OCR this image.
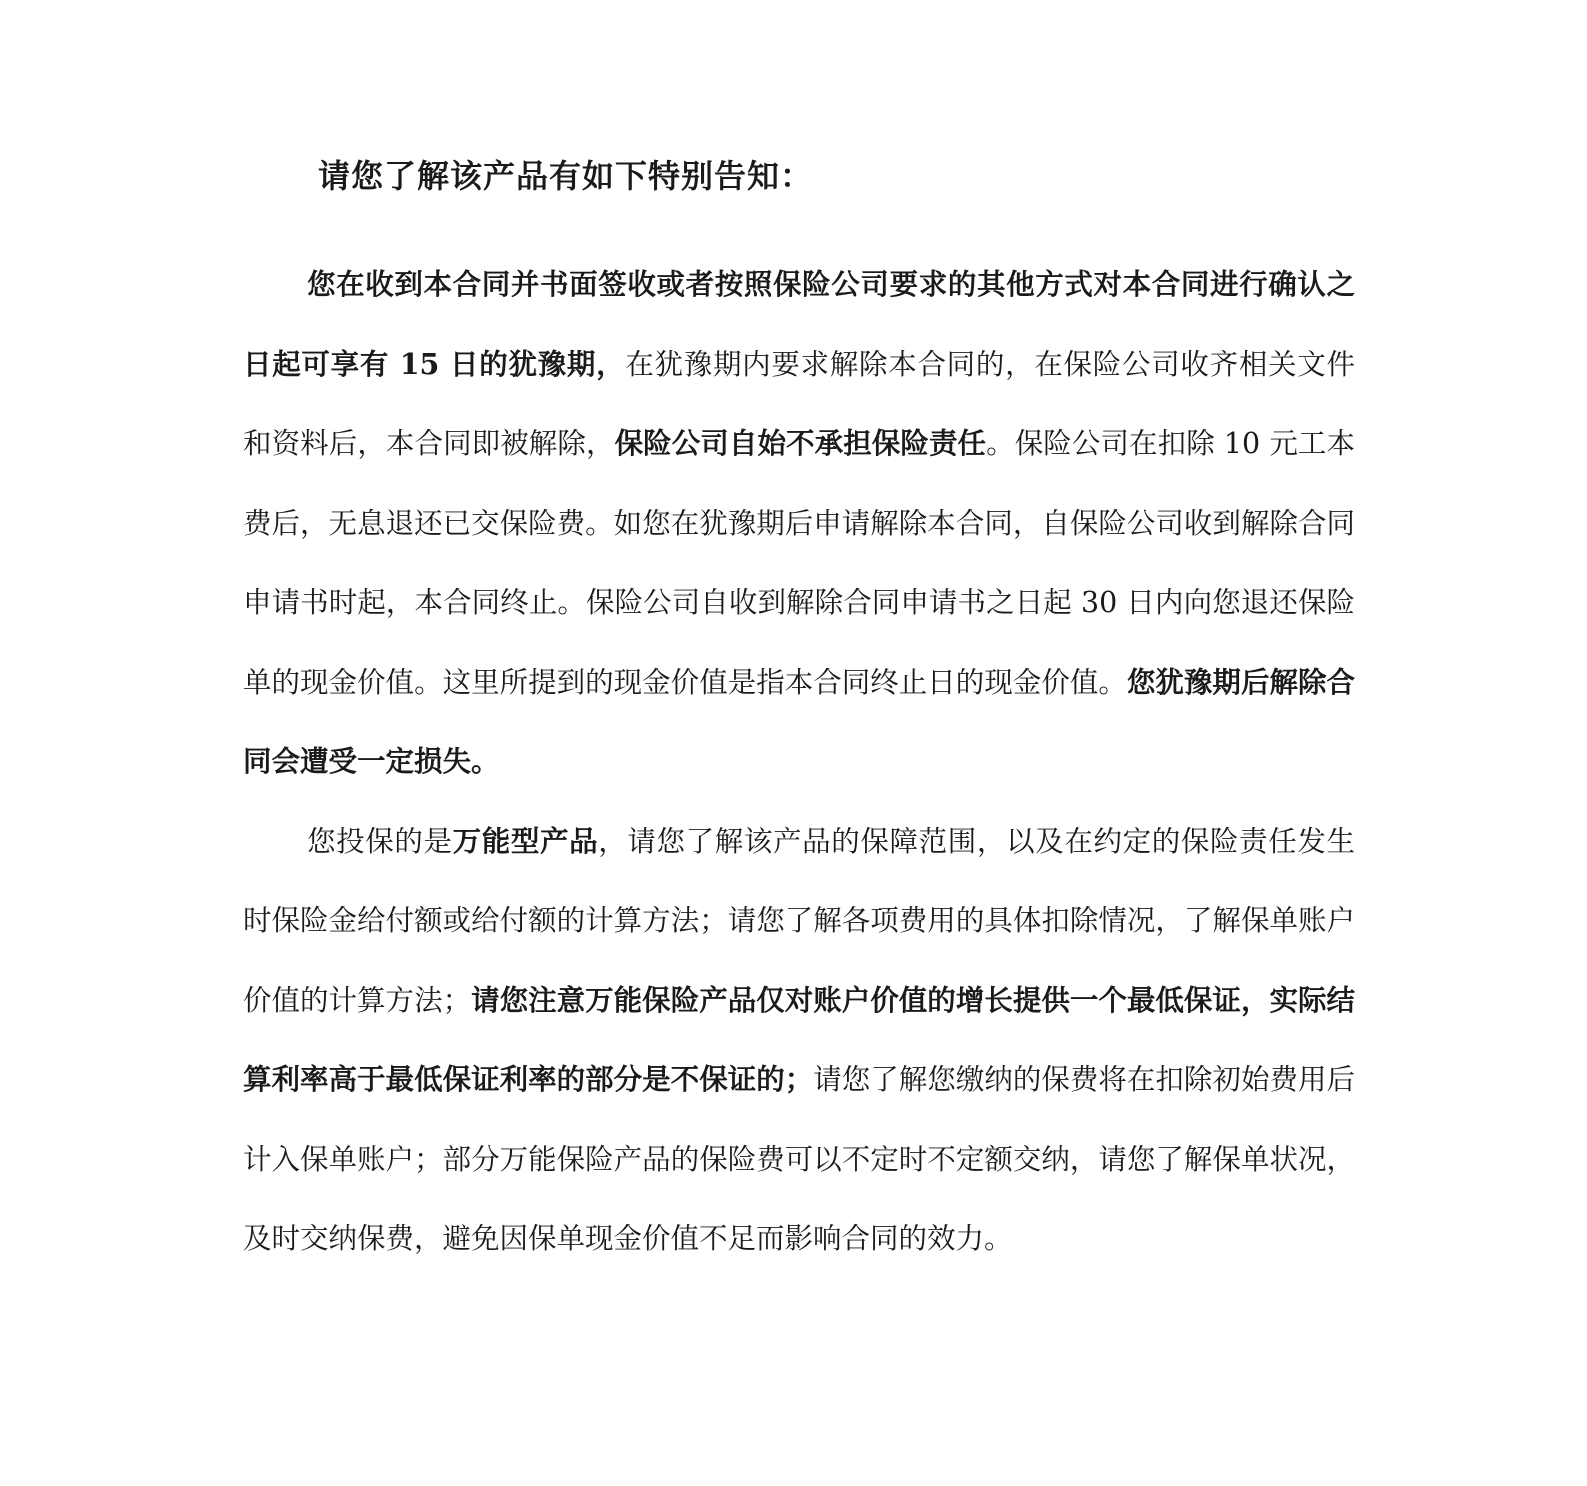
请您了解该产品有如下特别告知：

您在收到本合同并书面签收或者按照保险公司要求的其他方式对本合同进行确认之日起可享有 15 日的犹豫期，在犹豫期内要求解除本合同的，在保险公司收齐相关文件和资料后，本合同即被解除，保险公司自始不承担保险责任。保险公司在扣除 10 元工本费后，无息退还已交保险费。如您在犹豫期后申请解除本合同，自保险公司收到解除合同申请书时起，本合同终止。保险公司自收到解除合同申请书之日起 30 日内向您退还保险单的现金价值。这里所提到的现金价值是指本合同终止日的现金价值。您犹豫期后解除合同会遭受一定损失。

您投保的是万能型产品，请您了解该产品的保障范围，以及在约定的保险责任发生时保险金给付额或给付额的计算方法；请您了解各项费用的具体扣除情况，了解保单账户价值的计算方法；请您注意万能保险产品仅对账户价值的增长提供一个最低保证，实际结算利率高于最低保证利率的部分是不保证的；请您了解您缴纳的保费将在扣除初始费用后计入保单账户；部分万能保险产品的保险费可以不定时不定额交纳，请您了解保单状况，及时交纳保费，避免因保单现金价值不足而影响合同的效力。
